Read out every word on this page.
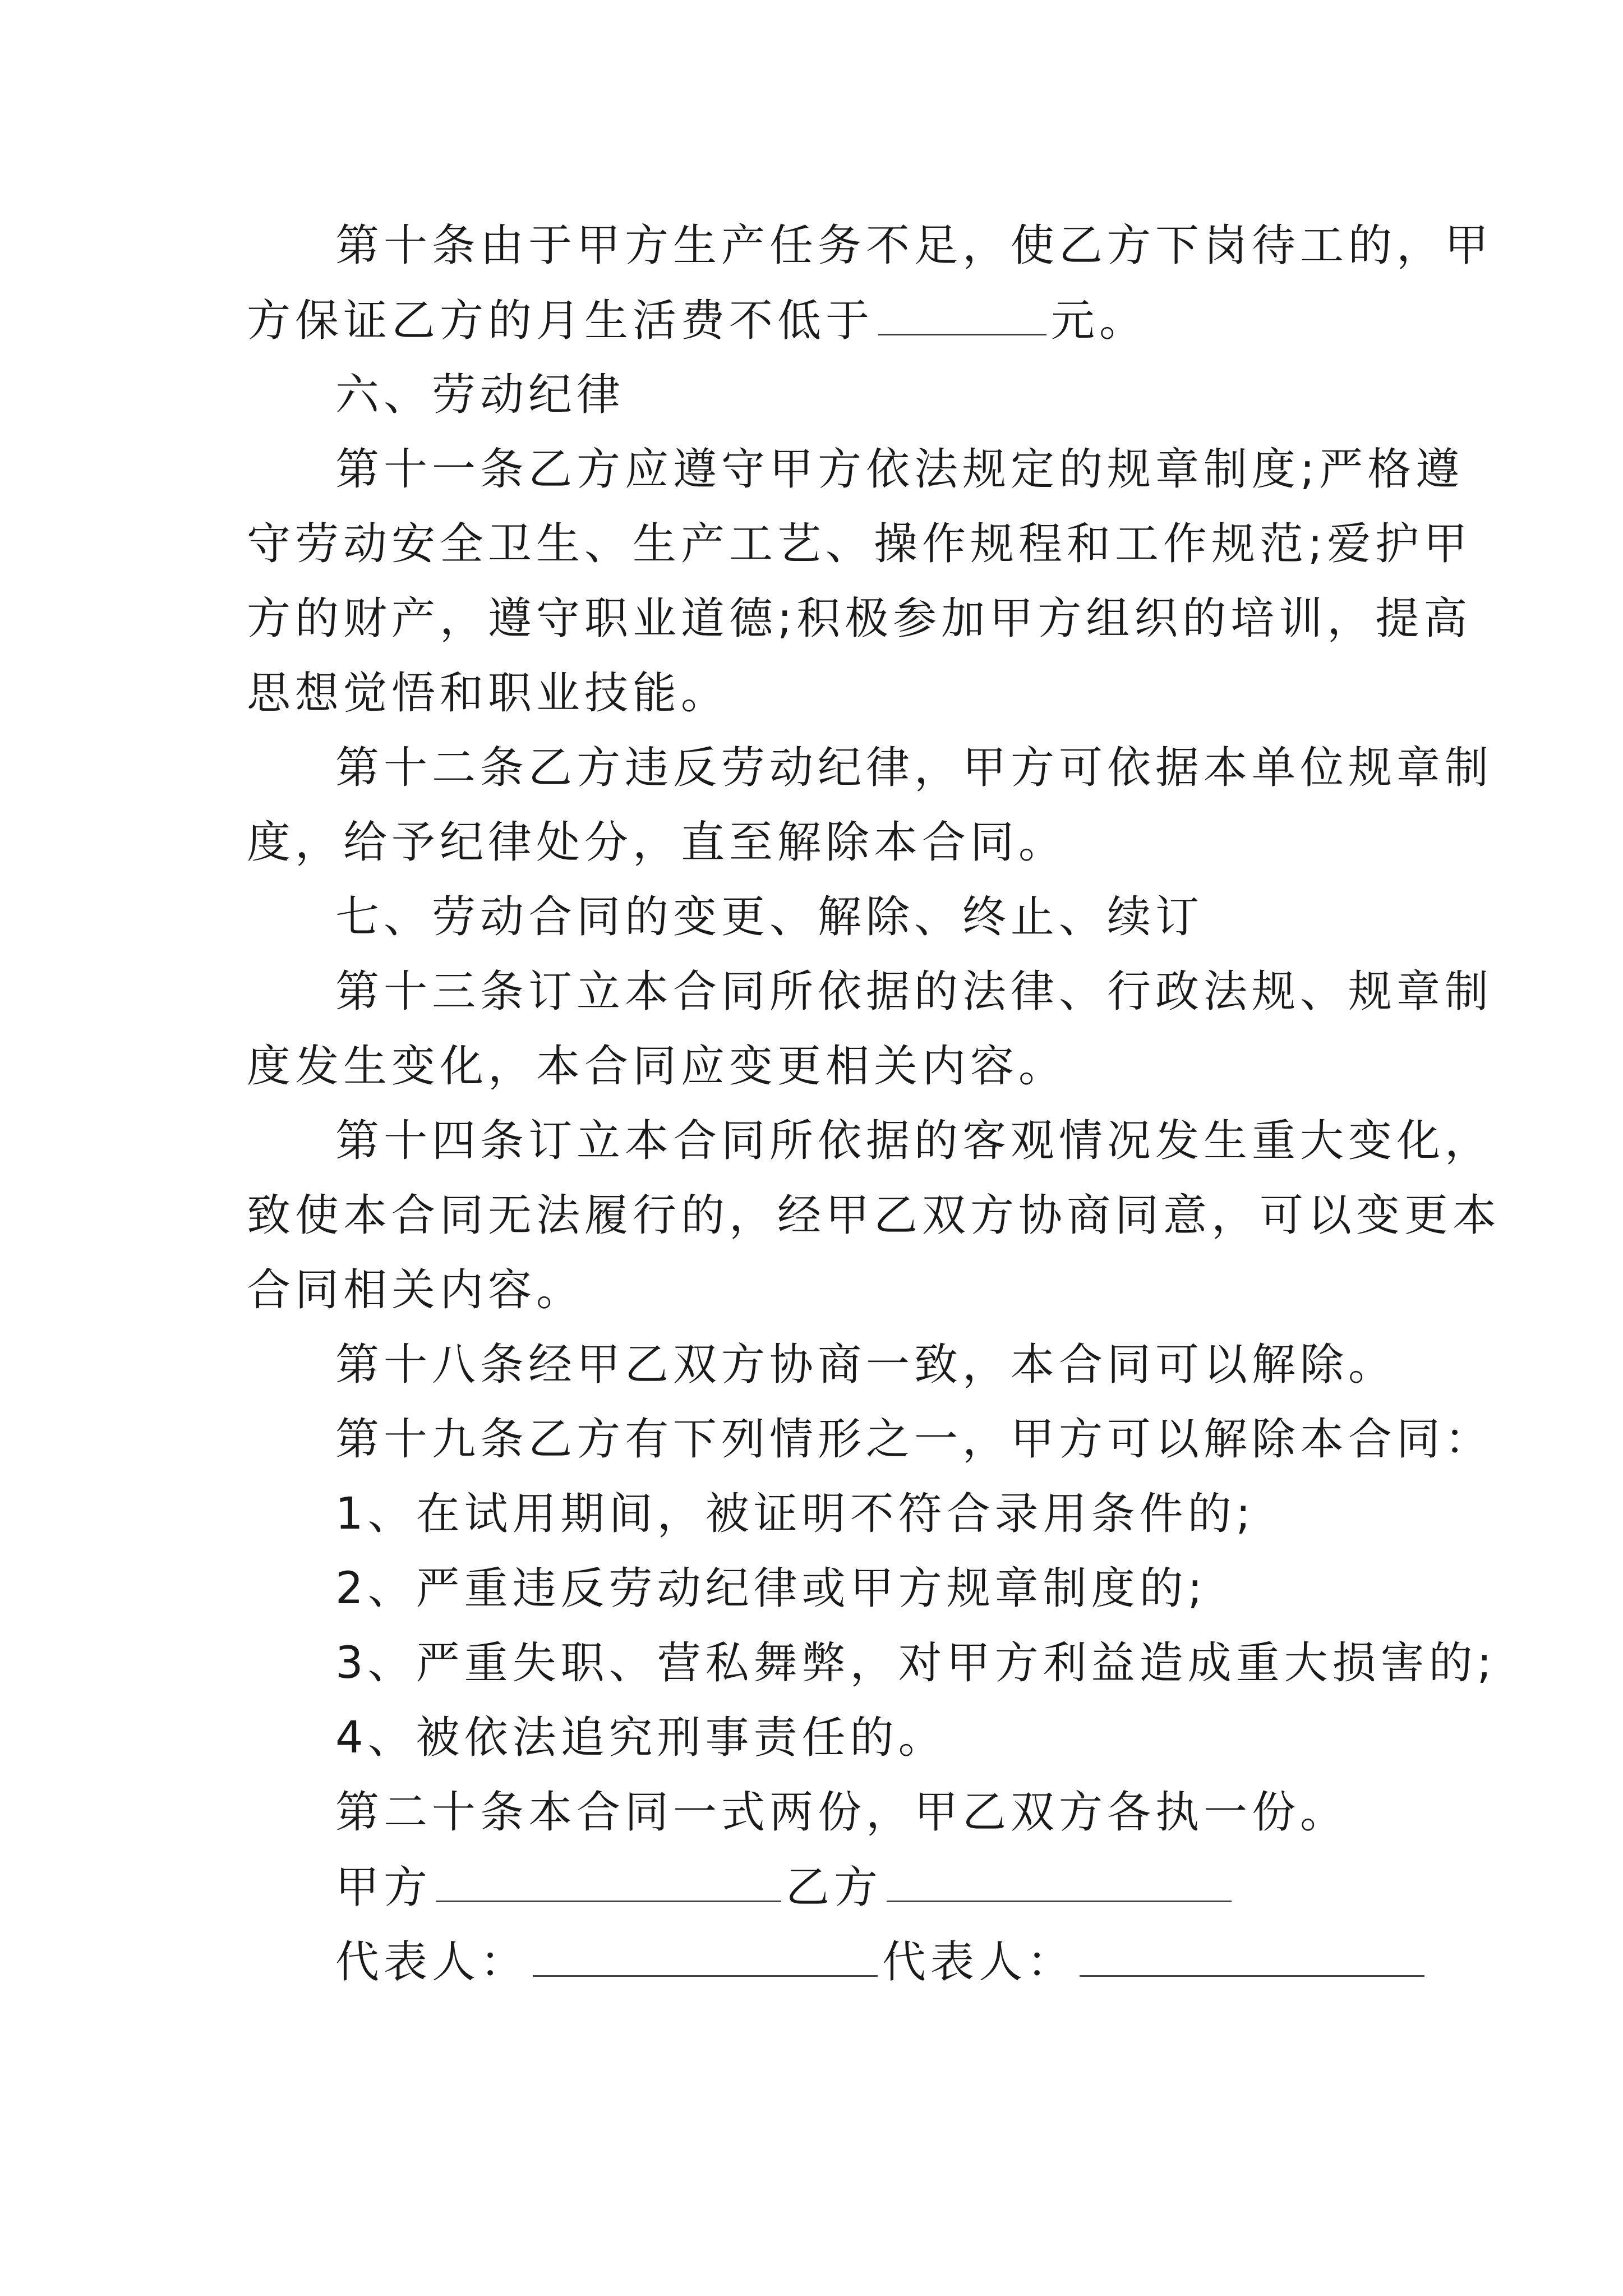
第十条由于甲方生产任务不足，使乙方下岗待工的，甲
方保证乙方的月生活费不低于	元。
六、劳动纪律
第十一条乙方应遵守甲方依法规定的规章制度;严格遵
守劳动安全卫生、生产工艺、操作规程和工作规范;爱护甲
方的财产，遵守职业道德;积极参加甲方组织的培训，提高
思想觉悟和职业技能。
第十二条乙方违反劳动纪律，甲方可依据本单位规章制
度，给予纪律处分，直至解除本合同。
七、劳动合同的变更、解除、终止、续订
第十三条订立本合同所依据的法律、行政法规、规章制
度发生变化，本合同应变更相关内容。
第十四条订立本合同所依据的客观情况发生重大变化，
致使本合同无法履行的，经甲乙双方协商同意，可以变更本
合同相关内容。
第十八条经甲乙双方协商一致，本合同可以解除。
第十九条乙方有下列情形之一，甲方可以解除本合同：
1、在试用期间，被证明不符合录用条件的;
2、严重违反劳动纪律或甲方规章制度的;
3、严重失职、营私舞弊，对甲方利益造成重大损害的;
4、被依法追究刑事责任的。
第二十条本合同一式两份，甲乙双方各执一份。
甲方	乙方
代表人：	代表人：
